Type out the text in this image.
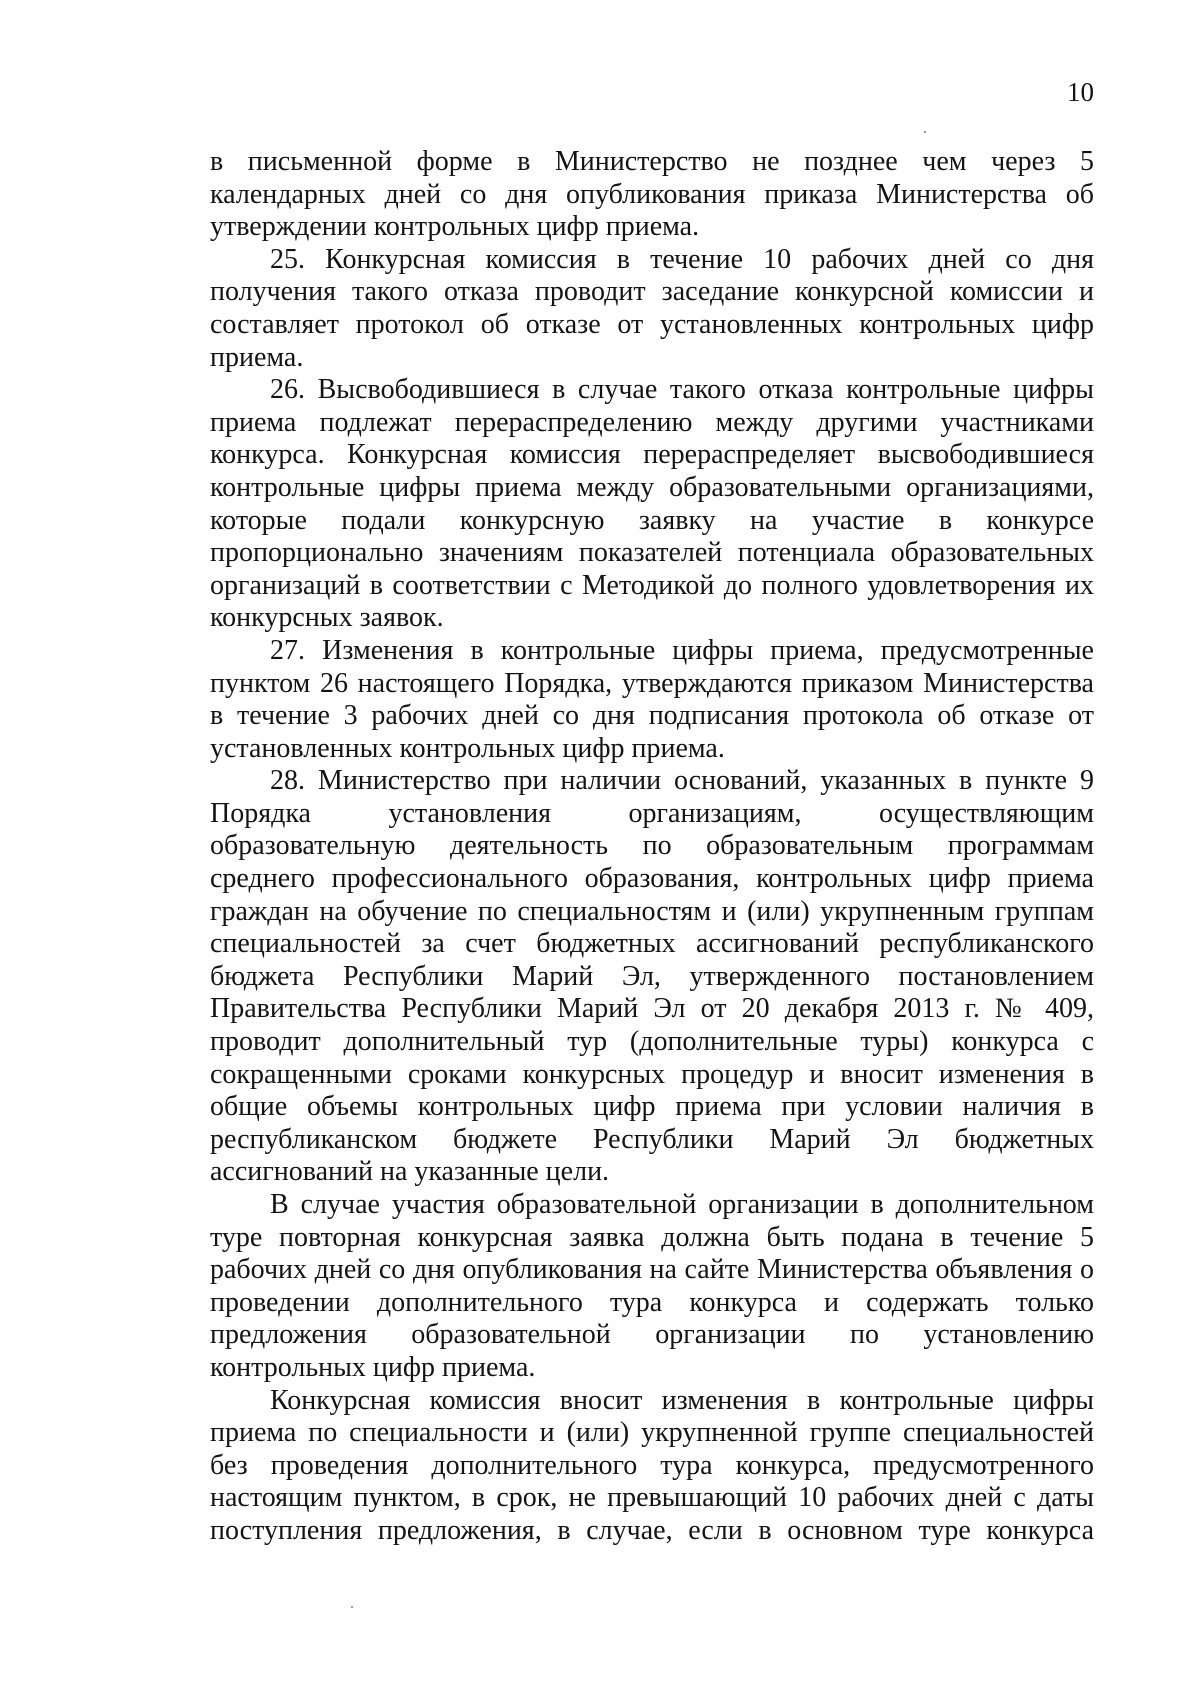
10

в письменной форме в Министерство не позднее чем через 5 календарных дней со дня опубликования приказа Министерства об утверждении контрольных цифр приема.

25. Конкурсная комиссия в течение 10 рабочих дней со дня получения такого отказа проводит заседание конкурсной комиссии и составляет протокол об отказе от установленных контрольных цифр приема.

26. Высвободившиеся в случае такого отказа контрольные цифры приема подлежат перераспределению между другими участниками конкурса. Конкурсная комиссия перераспределяет высвободившиеся контрольные цифры приема между образовательными организациями, которые подали конкурсную заявку на участие в конкурсе пропорционально значениям показателей потенциала образовательных организаций в соответствии с Методикой до полного удовлетворения их конкурсных заявок.

27. Изменения в контрольные цифры приема, предусмотренные пунктом 26 настоящего Порядка, утверждаются приказом Министерства в течение 3 рабочих дней со дня подписания протокола об отказе от установленных контрольных цифр приема.

28. Министерство при наличии оснований, указанных в пункте 9 Порядка установления организациям, осуществляющим образовательную деятельность по образовательным программам среднего профессионального образования, контрольных цифр приема граждан на обучение по специальностям и (или) укрупненным группам специальностей за счет бюджетных ассигнований республиканского бюджета Республики Марий Эл, утвержденного постановлением Правительства Республики Марий Эл от 20 декабря 2013 г. № 409, проводит дополнительный тур (дополнительные туры) конкурса с сокращенными сроками конкурсных процедур и вносит изменения в общие объемы контрольных цифр приема при условии наличия в республиканском бюджете Республики Марий Эл бюджетных ассигнований на указанные цели.

В случае участия образовательной организации в дополнительном туре повторная конкурсная заявка должна быть подана в течение 5 рабочих дней со дня опубликования на сайте Министерства объявления о проведении дополнительного тура конкурса и содержать только предложения образовательной организации по установлению контрольных цифр приема.

Конкурсная комиссия вносит изменения в контрольные цифры приема по специальности и (или) укрупненной группе специальностей без проведения дополнительного тура конкурса, предусмотренного настоящим пунктом, в срок, не превышающий 10 рабочих дней с даты поступления предложения, в случае, если в основном туре конкурса
